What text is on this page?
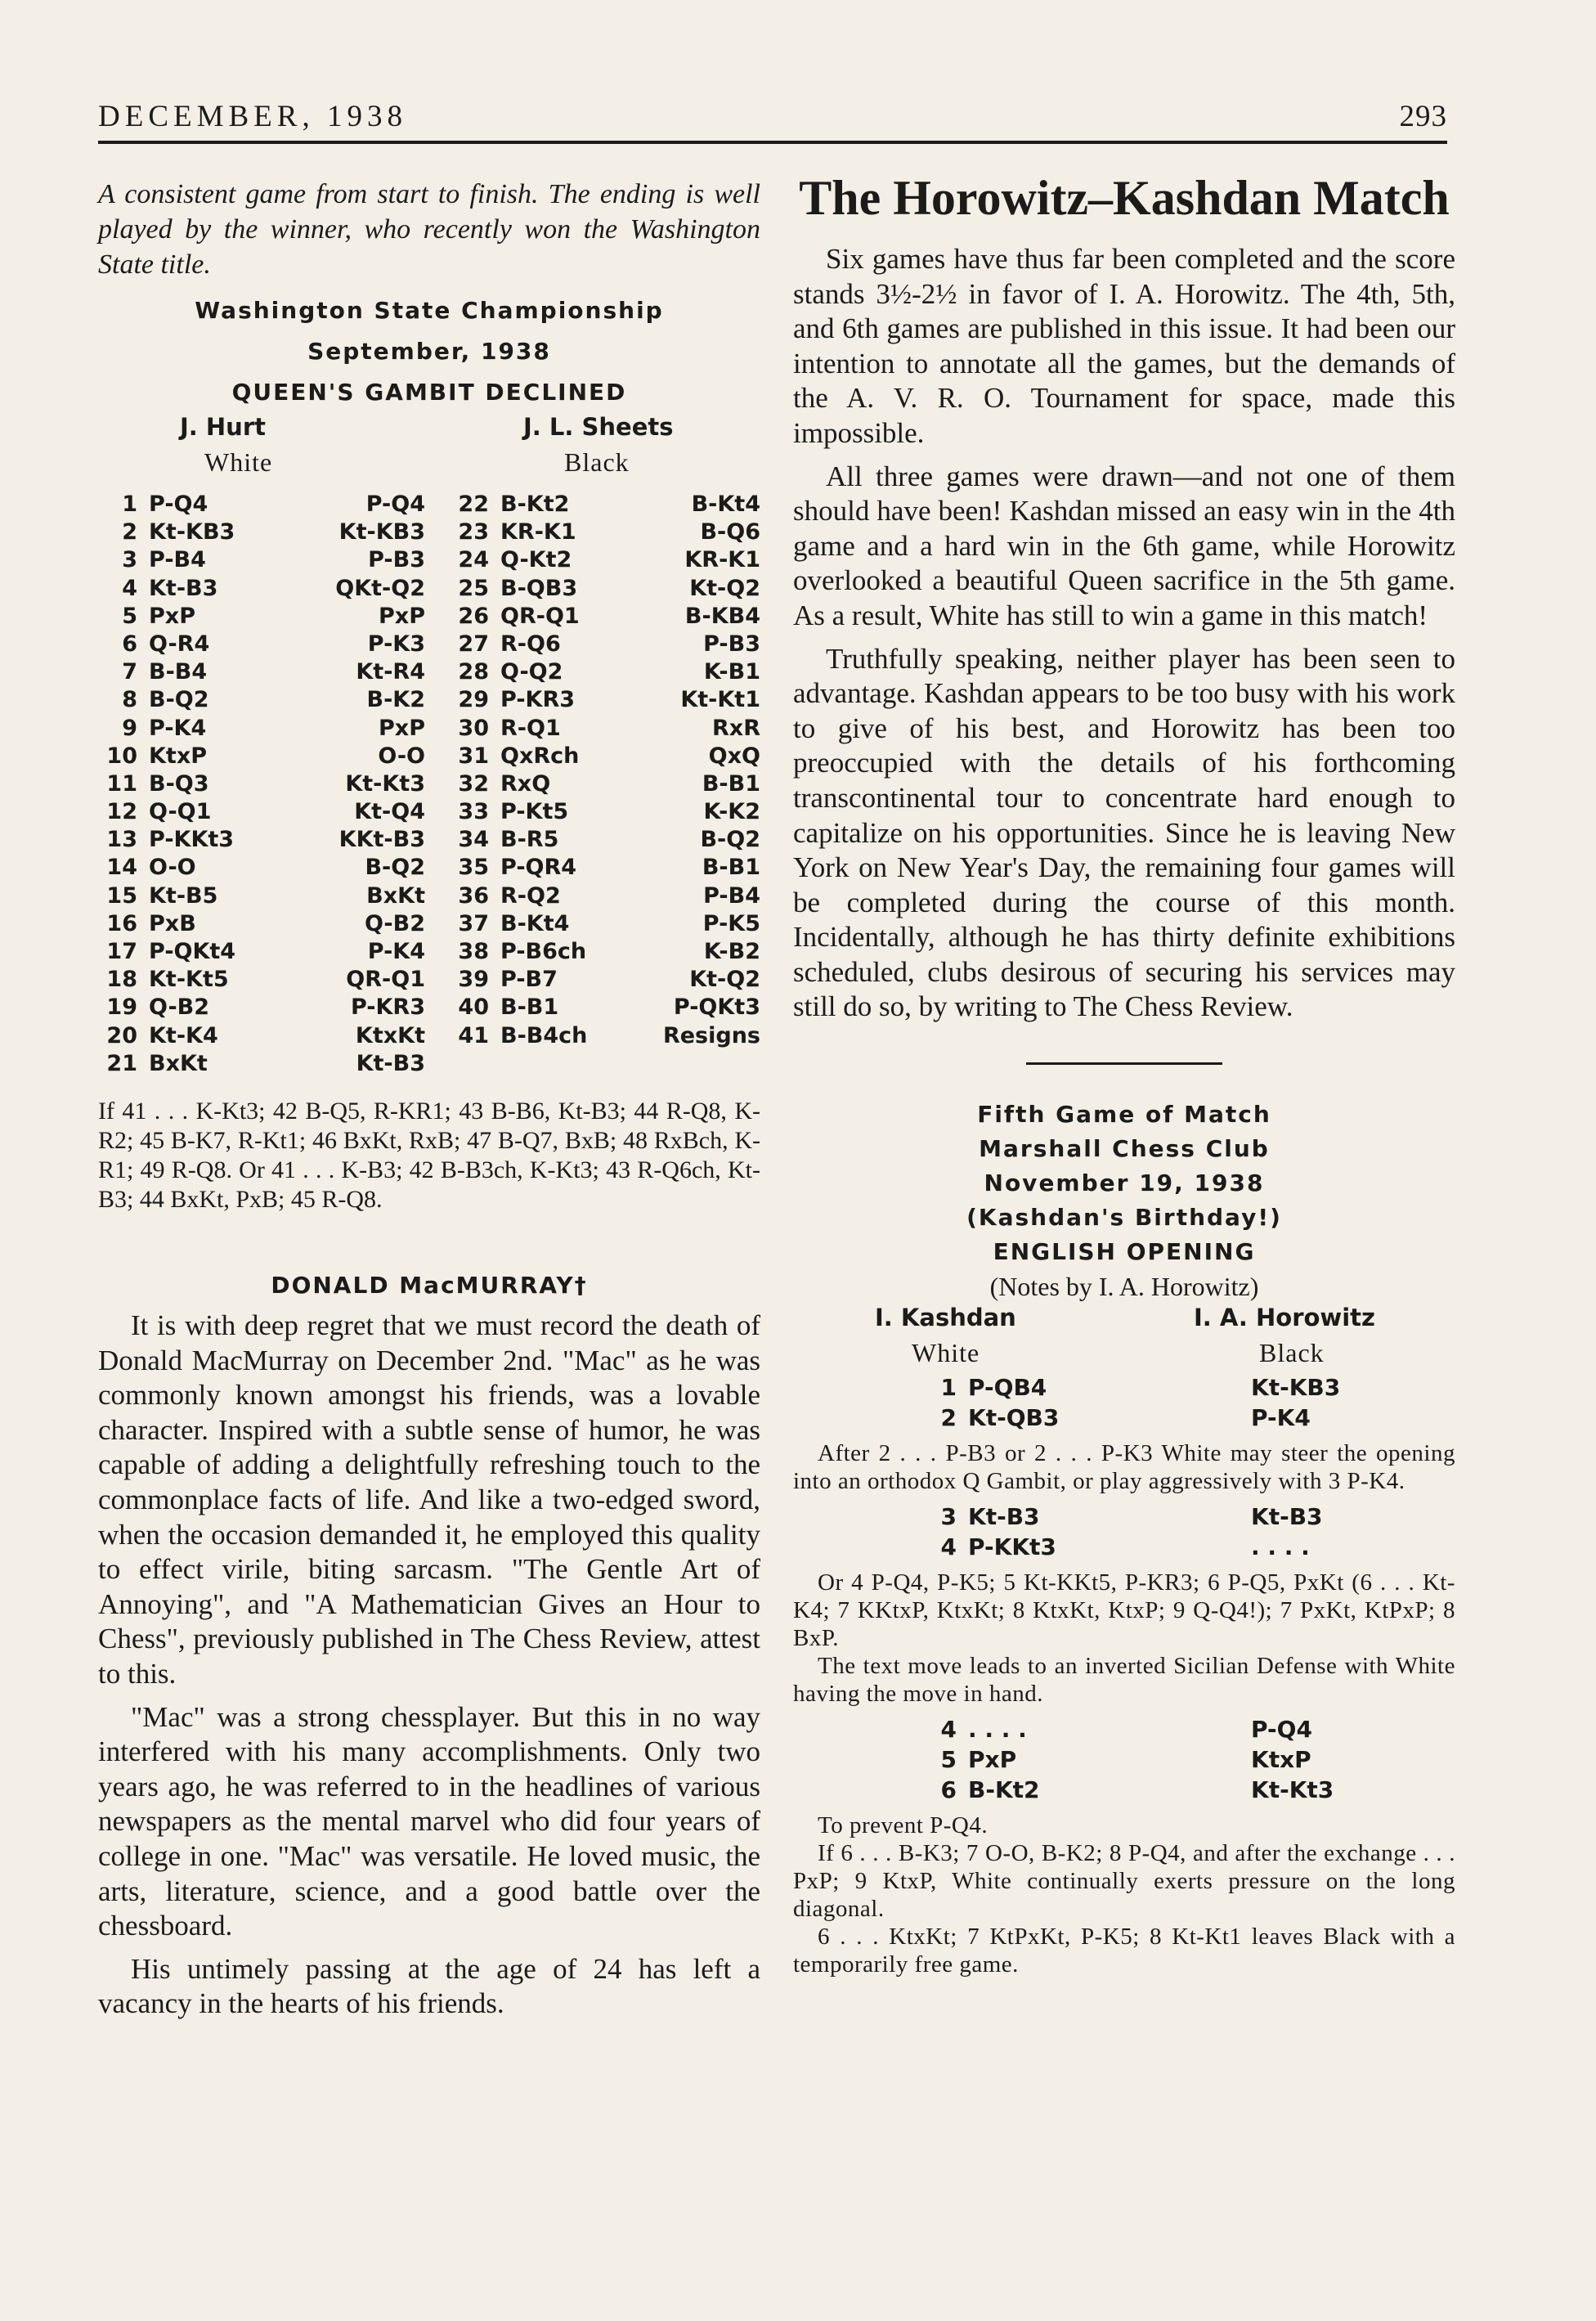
DECEMBER, 1938	293
A consistent game from start to finish. The ending is well played by the winner, who recently won the Washington State title.
Washington State Championship
September, 1938
QUEEN'S GAMBIT DECLINED
J. Hurt	J. L. Sheets
White	Black
1 P-Q4	P-Q4
2 Kt-KB3	Kt-KB3
3 P-B4	P-B3
4 Kt-B3	QKt-Q2
5 PxP	PxP
6 Q-R4	P-K3
7 B-B4	Kt-R4
8 B-Q2	B-K2
9 P-K4	PxP
10 KtxP	O-O
11 B-Q3	Kt-Kt3
12 Q-Q1	Kt-Q4
13 P-KKt3	KKt-B3
14 O-O	B-Q2
15 Kt-B5	BxKt
16 PxB	Q-B2
17 P-QKt4	P-K4
18 Kt-Kt5	QR-Q1
19 Q-B2	P-KR3
20 Kt-K4	KtxKt
21 BxKt	Kt-B3
22 B-Kt2	B-Kt4
23 KR-K1	B-Q6
24 Q-Kt2	KR-K1
25 B-QB3	Kt-Q2
26 QR-Q1	B-KB4
27 R-Q6	P-B3
28 Q-Q2	K-B1
29 P-KR3	Kt-Kt1
30 R-Q1	RxR
31 QxRch	QxQ
32 RxQ	B-B1
33 P-Kt5	K-K2
34 B-R5	B-Q2
35 P-QR4	B-B1
36 R-Q2	P-B4
37 B-Kt4	P-K5
38 P-B6ch	K-B2
39 P-B7	Kt-Q2
40 B-B1	P-QKt3
41 B-B4ch	Resigns
If 41 . . . K-Kt3; 42 B-Q5, R-KR1; 43 B-B6, Kt-B3; 44 R-Q8, K-R2; 45 B-K7, R-Kt1; 46 BxKt, RxB; 47 B-Q7, BxB; 48 RxBch, K-R1; 49 R-Q8. Or 41 . . . K-B3; 42 B-B3ch, K-Kt3; 43 R-Q6ch, Kt-B3; 44 BxKt, PxB; 45 R-Q8.
DONALD MacMURRAY†

It is with deep regret that we must record the death of Donald MacMurray on December 2nd. "Mac" as he was commonly known amongst his friends, was a lovable character. Inspired with a subtle sense of humor, he was capable of adding a delightfully refreshing touch to the commonplace facts of life. And like a two-edged sword, when the occasion demanded it, he employed this quality to effect virile, biting sarcasm. "The Gentle Art of Annoying", and "A Mathematician Gives an Hour to Chess", previously published in The Chess Review, attest to this.

"Mac" was a strong chessplayer. But this in no way interfered with his many accomplishments. Only two years ago, he was referred to in the headlines of various newspapers as the mental marvel who did four years of college in one. "Mac" was versatile. He loved music, the arts, literature, science, and a good battle over the chessboard.

His untimely passing at the age of 24 has left a vacancy in the hearts of his friends.

The Horowitz–Kashdan Match

Six games have thus far been completed and the score stands 3½-2½ in favor of I. A. Horowitz. The 4th, 5th, and 6th games are published in this issue. It had been our intention to annotate all the games, but the demands of the A. V. R. O. Tournament for space, made this impossible.

All three games were drawn—and not one of them should have been! Kashdan missed an easy win in the 4th game and a hard win in the 6th game, while Horowitz overlooked a beautiful Queen sacrifice in the 5th game. As a result, White has still to win a game in this match!

Truthfully speaking, neither player has been seen to advantage. Kashdan appears to be too busy with his work to give of his best, and Horowitz has been too preoccupied with the details of his forthcoming transcontinental tour to concentrate hard enough to capitalize on his opportunities. Since he is leaving New York on New Year's Day, the remaining four games will be completed during the course of this month. Incidentally, although he has thirty definite exhibitions scheduled, clubs desirous of securing his services may still do so, by writing to The Chess Review.

Fifth Game of Match
Marshall Chess Club
November 19, 1938
(Kashdan's Birthday!)
ENGLISH OPENING
(Notes by I. A. Horowitz)
I. Kashdan	I. A. Horowitz
White	Black
1 P-QB4	Kt-KB3
2 Kt-QB3	P-K4

After 2 . . . P-B3 or 2 . . . P-K3 White may steer the opening into an orthodox Q Gambit, or play aggressively with 3 P-K4.

3 Kt-B3	Kt-B3
4 P-KKt3	. . . .

Or 4 P-Q4, P-K5; 5 Kt-KKt5, P-KR3; 6 P-Q5, PxKt (6 . . . Kt-K4; 7 KKtxP, KtxKt; 8 KtxKt, KtxP; 9 Q-Q4!); 7 PxKt, KtPxP; 8 BxP.

The text move leads to an inverted Sicilian Defense with White having the move in hand.

4 . . . .	P-Q4
5 PxP	KtxP
6 B-Kt2	Kt-Kt3

To prevent P-Q4.

If 6 . . . B-K3; 7 O-O, B-K2; 8 P-Q4, and after the exchange . . . PxP; 9 KtxP, White continually exerts pressure on the long diagonal.

6 . . . KtxKt; 7 KtPxKt, P-K5; 8 Kt-Kt1 leaves Black with a temporarily free game.
